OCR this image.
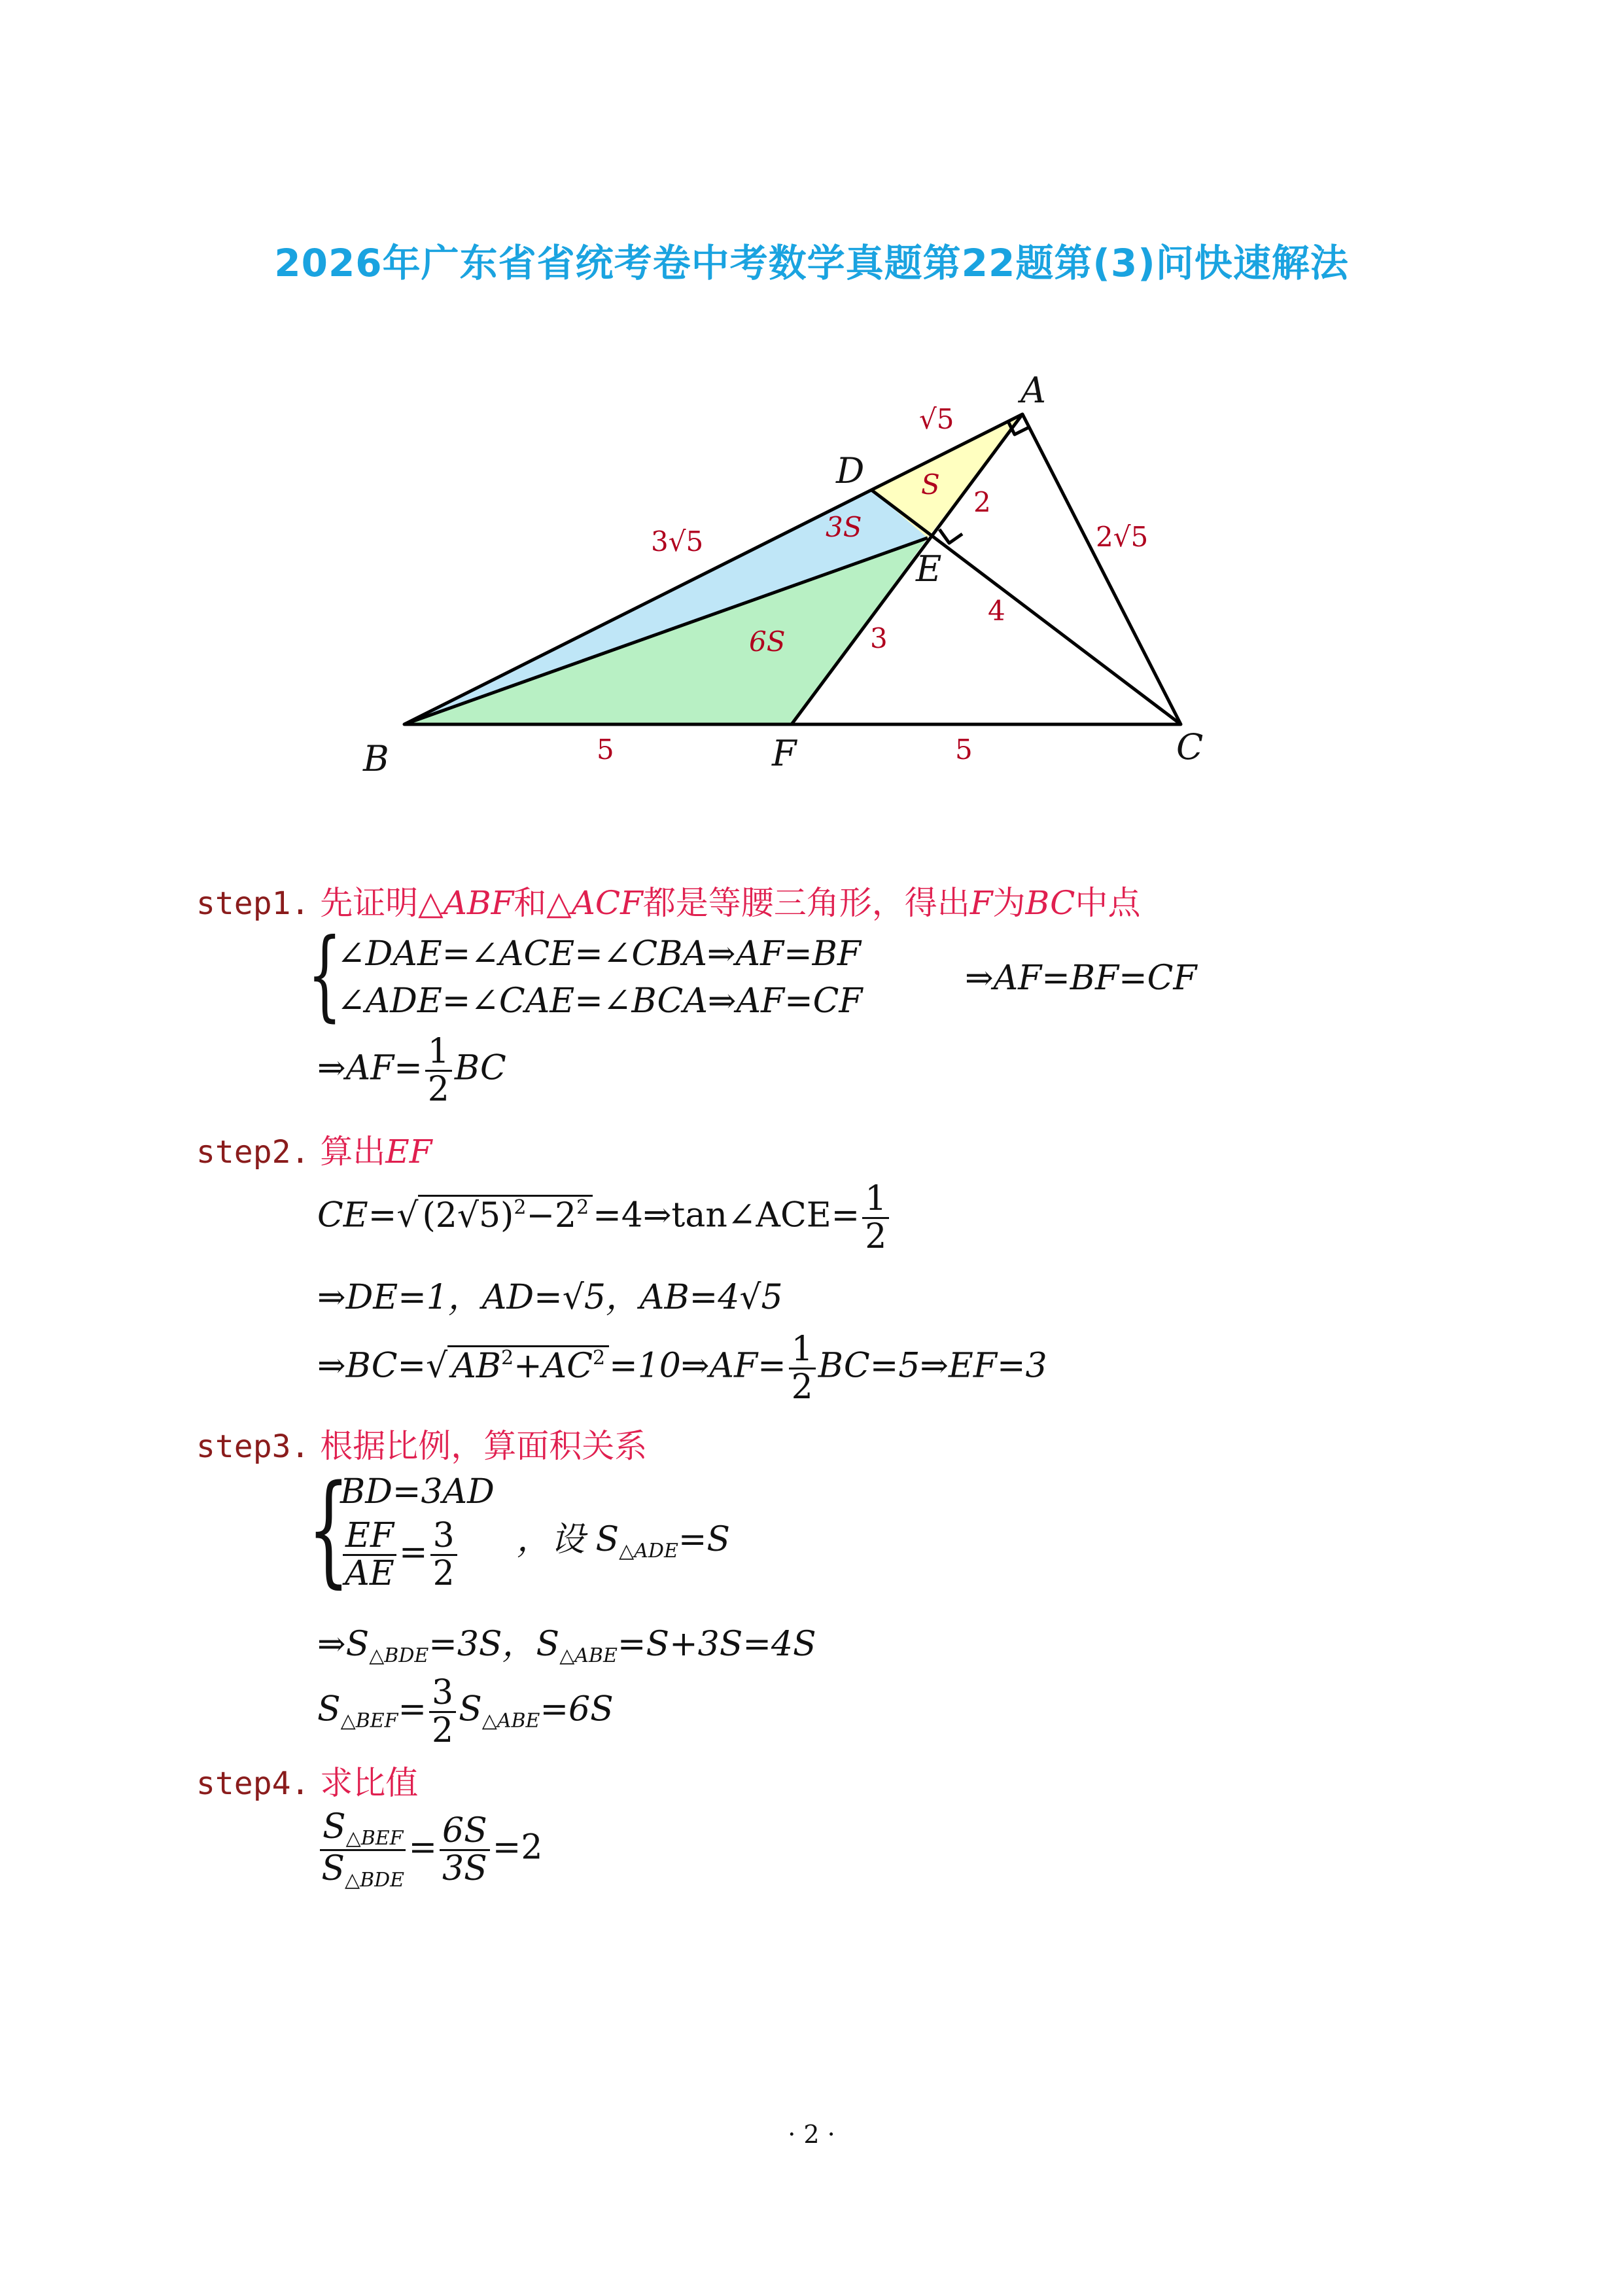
2026年广东省省统考卷中考数学真题第22题第(3)问快速解法
A
B	C
D
E
F
√5
3√5
2
2√5
4
3
5	5
S
3S
6S
step1. 先证明△ABF和△ACF都是等腰三角形，得出F为BC中点
{
∠DAE=∠ACE=∠CBA⇒AF=BF
∠ADE=∠CAE=∠BCA⇒AF=CF
⇒AF=BF=CF
⇒AF= $\frac{1}{2}$ BC
step2. 算出EF
CE=√ $(2√5)^2-2^2$ =4⇒tan∠ACE= $\frac{1}{2}$
⇒DE=1，AD=√5，AB=4√5
⇒BC=√ $AB^2+AC^2$ =10⇒AF= $\frac{1}{2}$ BC=5⇒EF=3
step3. 根据比例，算面积关系
{
BD=3AD
$\frac{EF}{AE} = \frac{3}{2}$ ，设 $S_{\triangle ADE}=S$
$\Rightarrow S_{\triangle BDE}=3S$，$S_{\triangle ABE}=S+3S=4S$
$S_{\triangle BEF}= \frac{3}{2} S_{\triangle ABE}=6S$
step4. 求比值
$\frac{S_{\triangle BEF}}{S_{\triangle BDE}} = \frac{6S}{3S} =2$
· 2 ·
